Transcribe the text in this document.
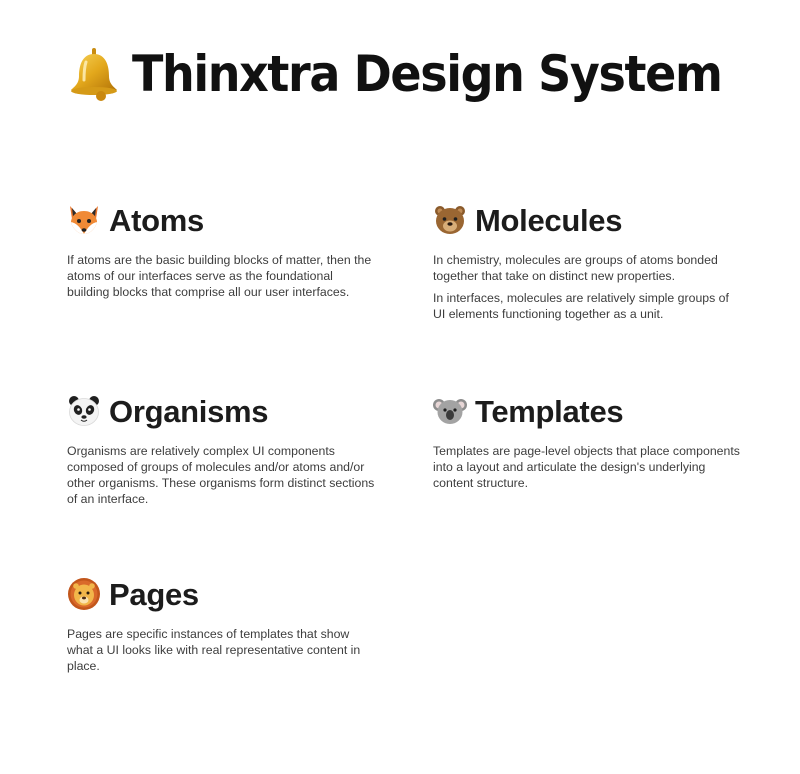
Thinxtra Design System
Atoms

If atoms are the basic building blocks of matter, then the atoms of our interfaces serve as the foundational building blocks that comprise all our user interfaces.

Molecules

In chemistry, molecules are groups of atoms bonded together that take on distinct new properties.

In interfaces, molecules are relatively simple groups of UI elements functioning together as a unit.

Organisms

Organisms are relatively complex UI components composed of groups of molecules and/or atoms and/or other organisms. These organisms form distinct sections of an interface.

Templates

Templates are page-level objects that place components into a layout and articulate the design's underlying content structure.

Pages

Pages are specific instances of templates that show what a UI looks like with real representative content in place.
